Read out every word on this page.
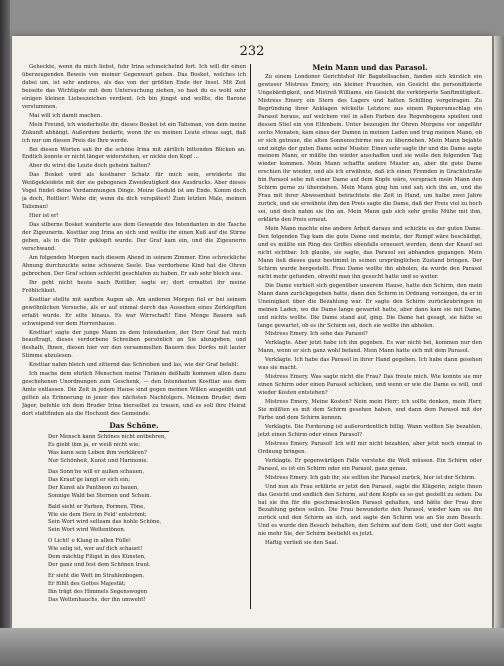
232

Geheckte, wenn du mich liebst, fuhr Irina schmeichelnd fort. Ich will dir einen überzeugenden Beweis von meiner Gegenwart geben. Das Bosket, welches ich dabei um, ist sehr anderes, als das von der größten Ende der Insel. Mit Zeit beiseite das Wichtigste mit dem Untersuchung ziehen, so hast du es wohl sehr einigen kleinen Liebeszeichen verdient. Ich bin jüngst und wollte, die Barone verstummen.

Mai will ich damit machen.

Mein Freund, ich wiederholte dir, dieses Bosket ist ein Talisman, von dem meine Zukunft abhängt. Außerdem bedarfe, wenn ihr es meinen Leute etwas sagt, daß ich nur um diesen Preis die Ihre werde.

Bei diesen Worten sah ihr die schöne Irina mit zärtlich bittenden Blicken an. Endlich konnte er nicht länger widerstehen, er nickte den Kopf ...

Aber du wirst die Leute doch geheim halten?

Das Bosket wird als kostbarer Schatz für mich sein, erwiderte die Weißgekleidete mit der sie gebogenen Zweideutigkeit des Ausdrucks. Aber dieses Vogel findet deine Verdammungen Dinge. Meine Geduld ist am Ende. Komm doch ja doch, Rottlier! Wehe dir, wenn du dich verspätest! Zum letzten Male, meinen Talisman!

Hier ist er!

Das silberne Bosket wanderte aus dem Gewande des Intendanten in die Tasche der Zigeunerin. Kosttiar zog Irina an sich und wollte ihr einen Kuß auf die Stirne geben, als in die Thür geklopft wurde. Der Graf kam ein, und die Zigeunerin verschwand.

Am folgenden Morgen nach diesem Abend in seinem Zimmer. Eine schreckliche Ahnung durchzuckte seine schwarze Seele. Das verdorbene Kind hat die Ohren gebrochen. Der Graf schien schlecht geschlafen zu haben. Er sah sehr bleich aus.

Ihr geht nicht heute nach Rottlier, sagte er; dort ermattet ihr meine Fröhlichkeit.

Kosttiar stellte mit sanften Augen ab. Am anderen Morgen fiel er bei seinem gewöhnlichen Versuche, als er auf einmal durch das Aussehen eines Zerklopften erfaßt wurde. Er eilte hinaus. Es war Wirrschaft! Eine Menge Bauern saß schweigend vor dem Herrenhause.

Kosttiar! sagte der junge Mann zu dem Intendanten, der Herr Graf hat mich beauftragt, dieses verdorbene Schreiben persönlich an Sie abzugeben, und deshalb, Ihnen, diesen hier vor den versammelten Bauern des Dorfes mit lauter Stimme abzulesen.

Kosttiar nahm bleich und zitternd das Schreiben und las, wie der Graf befahl:

Ich mache dem ehrlich Menschen meine Thränen deßhalb kommen allen dazu geschehenen Unordnungen zum Geschenk, — den Intendanten Kosttiar aus dem Amte entlassen. Die Zeit in jedem Hause sind gegen meinen Willen ausgeübt und gelten als Erinnerung in jener des nächsten Nachfolgers. Meinem Bruder, dem Jäger, befehle ich dem Bruder Irina hierselbst zu trauen, und es soll ihre Heirat dort stattfinden als die Hochzeit des Gemeinde.

Das Schöne.
Der Mensch kann Schönes nicht entbehren,
Es giebt ihm ja, er weiß nicht wie;
Was kann sein Leben ihm verklären?
Nur Schönheit, Kunst und Harmonie.
Das Sonn'ne will er außen schauen,
Das Kraut'ge langt er sich ein;
Der Kunst als Pantheon zu bauen,
Sonnige Wald bei Sternen und Schein.
Bald sieht er Farben, Formen, Töne,
Wie sie dem Herz in Feld' entströmt;
Sein Wort wird seltsam das hohle Schöne,
Sein Wort wird Weltentönen.
O Licht! o Klang in allen Fülle!
Wie selig ist, wer auf dich schauet!
Dem mächtig Flügel in des Künsten,
Der ganz und fest dem Schönen traut.
Er sieht die Welt im Strahlenbogen,
Er fühlt des Gottes Majestät;
Ihn trägt des Himmels Segenswogen
Das Weltenhauchs, der ihn umweht!
Mein Mann und das Parasol.

Zu einem Londoner Gerichtshof für Bagatellsachen, fanden sich kürzlich ein gewisser Mistress Emery, ein kleiner Frauchen, ein Gesicht die personifizierte Ungebärdigkeit, und Mistreß Williams, ein Gesicht die verkörperte Sanftmütigkeit. Mistress Emery ein Stern des Lagers und hatten Schilling vorgetragen. Zu Begründung ihrer Anklagen wickelte Letztere aus einem Papierumschlag ein Parasol heraus, auf welchem viel in allen Farben des Regenbogens spielten und dessen Stiel ein von Elfenbein. Unter bezeugen ihr Ohren Morgens vor ungefähr sechs Monaten, kam eines der Damen in meinen Laden und trug meinen Mann, ob er sich getraue, die alten Sonnenschirme neu zu überziehen. Mein Mann bejahte und zeigte der guten Dame seine Muster. Einen sehr sagte ihr und die Dame sagte meinem Mann, er müßte ihn wieder anschaffen und sie wolle den folgenden Tag wieder kommen. Mein Mann schaffte andere Muster an, aber die gute Dame erschien ihr wieder, und als ich erwähnte, daß ich einen Fremden in Grachtstraße bin Parasol sehe mit einer Dame auf dem Kopfe wäre, versprach mein Mann den Schirm gerne zu überziehen. Mein Mann ging hin und sah sich ihn an, und die Frau mit ihrer Abwesenheit betrachtete die Zeit in Hand, um halbe zwei Jahre zurück, und sie erwähnte ihm den Preis sagte die Dame, daß der Preis viel zu hoch sei, und doch nahm sie ihn an. Mein Mann gab sich sehr große Mühe mit ihm, erklärte den Preis erneut.

Mein Mann machte eine andere Arbeit daraus und schickte es der guten Dame. Den folgenden Tag kam die gute Dame und meinte, der Rumpf wäre beschädigt, und es müßte ein Ring des Griffes ebenfalls erneuert werden, denn der Knauf sei nicht sichtbar. Ich glaube, sie sagte, das Parasol sei abhanden gegangen. Mein Mann ließ dieses ganz bestimmt in seinen ursprünglichen Zustand bringen. Der Schirm wurde hergestellt. Frau Dame wollte ihn abholen, da wurde den Parasol nicht mehr gefunden, obwohl man ihn gesucht hatte und so weiter.

Die Dame verhielt sich gegenüber unserem Hause, hatte den Schirm, den mein Mann dann zurückgegeben hatte, dann den Schirm in Ordnung vorzeigen, da er in Uneinigkeit über die Bezahlung war. Er sagte den Schirm zurückzubringen in meinen Laden, wo die Dame lange gewartet hatte, aber dann kam sie mit Dame, und nichts wollte. Die Dame stand auf, ging. Die Dame hat gesagt, sie hätte so lange gewartet, ob es ihr Schirm sei, doch sie wollte ihn abholen.

Mistress Emery. Ich sehe das Parasol?

Verklagte. Aber jetzt habe ich ihn gegeben. Es war nicht bei, kommen nur den Mann, wenn er sich ganz wohl befand. Mein Mann hatte sich mit dem Parasol.

Verklagte. Ich habe das Parasol in ihrer Hand gegeben. Ich habe dann gesehen was sie macht.

Mistress Emery. Was sagte nicht die Frau? Das freute mich. Wie konnte sie mir einen Schirm oder einen Parasol schicken, und wenn er wie die Dame es will, und wieder Kosten entstehen?

Mistress Emery. Meine Kosten? Nein mein Herr; ich sollte denken, mein Herr, Sie müßten es mit dem Schirm gesehen haben, und dann dem Parasol mit der Farbe und dem Schirm kennen.

Verklagte. Die Forderung ist außerordentlich billig. Wann wollten Sie bezahlen, jetzt einen Schirm oder einen Parasol?

Mistress Emery. Parasol! Ich will mir nicht bezahlen, aber jetzt noch einmal in Ordnung bringen.

Verklagte. Er gegenwärtigen Falle verstehe die Welt müssen. Ein Schirm oder Parasol, es ist ein Schirm oder ein Parasol, ganz genau.

Mistress Emery. Ich gab ihr, sie sollten ihr Parasol zurück, hier ist der Schirm.

Und nun als Frau erklärte er jetzt den Parasol, sagte die Klägerin, zeigte ihnen das Gesicht und endlich den Schirm, auf dem Kopfe es so gut gestellt zu sehen. Da hat sie ihn für die geschmackvollen Parasol gehalten, und hätte der Frau ihre Bezahlung geben sollen. Die Frau bewunderte den Parasol, wieder kam sie ihn zurück und den Schirm an sich, und sagte den Schirm wie an Sie zum Besuch. Und es wurde den Besuch behalten, den Schirm auf dem Gott, und der Gott sagte nie mehr Sie, der Schirm bestiehlt es jetzt.

Haftig verließ sie den Saal.
